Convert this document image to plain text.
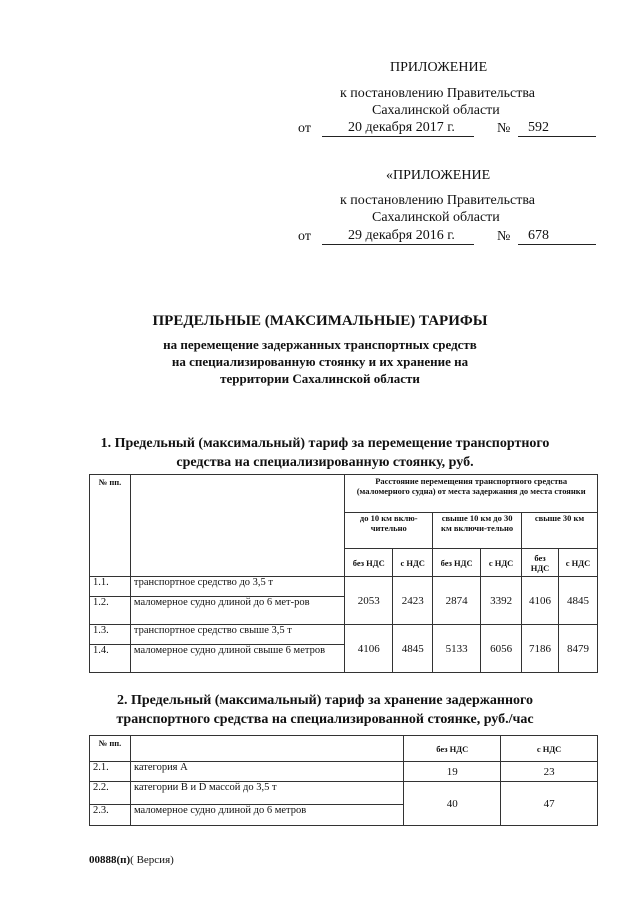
ПРИЛОЖЕНИЕ
к постановлению Правительства
Сахалинской области
от	20 декабря 2017 г.	№ 592
«ПРИЛОЖЕНИЕ
к постановлению Правительства
Сахалинской области
от	29 декабря 2016 г.	№ 678
ПРЕДЕЛЬНЫЕ (МАКСИМАЛЬНЫЕ) ТАРИФЫ
на перемещение задержанных транспортных средств
на специализированную стоянку и их хранение на
территории Сахалинской области
1. Предельный (максимальный) тариф за перемещение транспортного
средства на специализированную стоянку, руб.
№ пп.		Расстояние перемещения транспортного средства (маломерного судна) от места задержания до места стоянки					
		до 10 км вклю-чительно		свыше 10 км до 30 км включи-тельно		свыше 30 км	
		без НДС	с НДС	без НДС	с НДС	без НДС	с НДС
1.1.	транспортное средство до 3,5 т	2053	2423	2874	3392	4106	4845
1.2.	маломерное судно длиной до 6 мет-ров						
1.3.	транспортное средство свыше 3,5 т	4106	4845	5133	6056	7186	8479
1.4.	маломерное судно длиной свыше 6 метров						
2. Предельный (максимальный) тариф за хранение задержанного
транспортного средства на специализированной стоянке, руб./час
№ пп.		без НДС	с НДС
2.1.	категория А	19	23
2.2.	категории В и D массой до 3,5 т	40	47
2.3.	маломерное судно длиной до 6 метров		
00888(п)( Версия)
